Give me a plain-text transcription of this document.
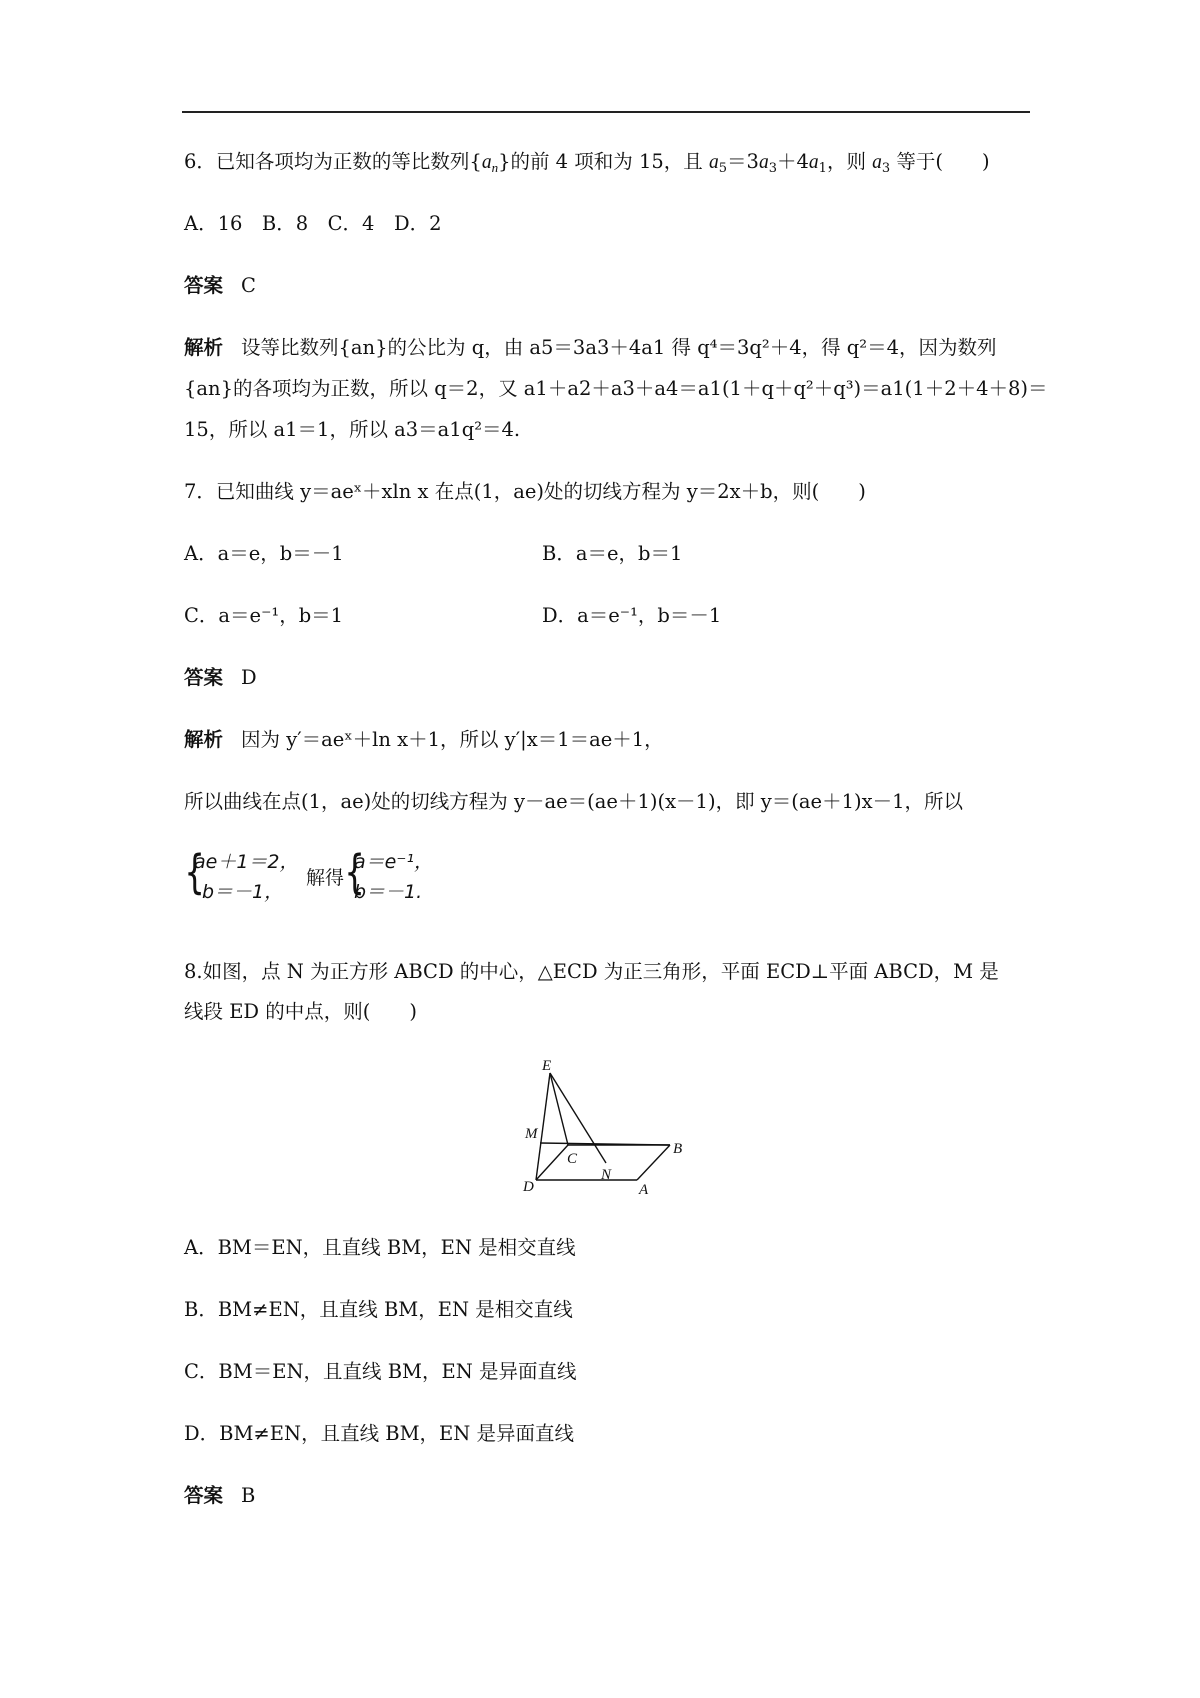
6．已知各项均为正数的等比数列$\{a_n\}$的前 4 项和为 15，且 $a_5=3a_3+4a_1$，则 $a_3$ 等于(　　)
A．16　B．8　C．4　D．2
答案 C
解析 设等比数列{an}的公比为 q，由 a5＝3a3＋4a1 得 q⁴＝3q²＋4，得 q²＝4，因为数列
{an}的各项均为正数，所以 q＝2，又 a1＋a2＋a3＋a4＝a1(1＋q＋q²＋q³)＝a1(1＋2＋4＋8)＝
15，所以 a1＝1，所以 a3＝a1q²＝4.
7．已知曲线 y＝aeˣ＋xln x 在点(1，ae)处的切线方程为 y＝2x＋b，则(　　)
A．a＝e，b＝－1	B．a＝e，b＝1
C．a＝e⁻¹，b＝1	D．a＝e⁻¹，b＝－1
答案 D
解析 因为 y′＝aeˣ＋ln x＋1，所以 y′|x＝1＝ae＋1，
所以曲线在点(1，ae)处的切线方程为 y－ae＝(ae＋1)(x－1)，即 y＝(ae＋1)x－1，所以
{
ae＋1＝2，
b＝－1，
解得 {
a＝e⁻¹，
b＝－1.
8.如图，点 N 为正方形 ABCD 的中心，△ECD 为正三角形，平面 ECD⊥平面 ABCD，M 是
线段 ED 的中点，则(　　)
E
M
C
N
B
D	A
A．BM＝EN，且直线 BM，EN 是相交直线
B．BM≠EN，且直线 BM，EN 是相交直线
C．BM＝EN，且直线 BM，EN 是异面直线
D．BM≠EN，且直线 BM，EN 是异面直线
答案 B
